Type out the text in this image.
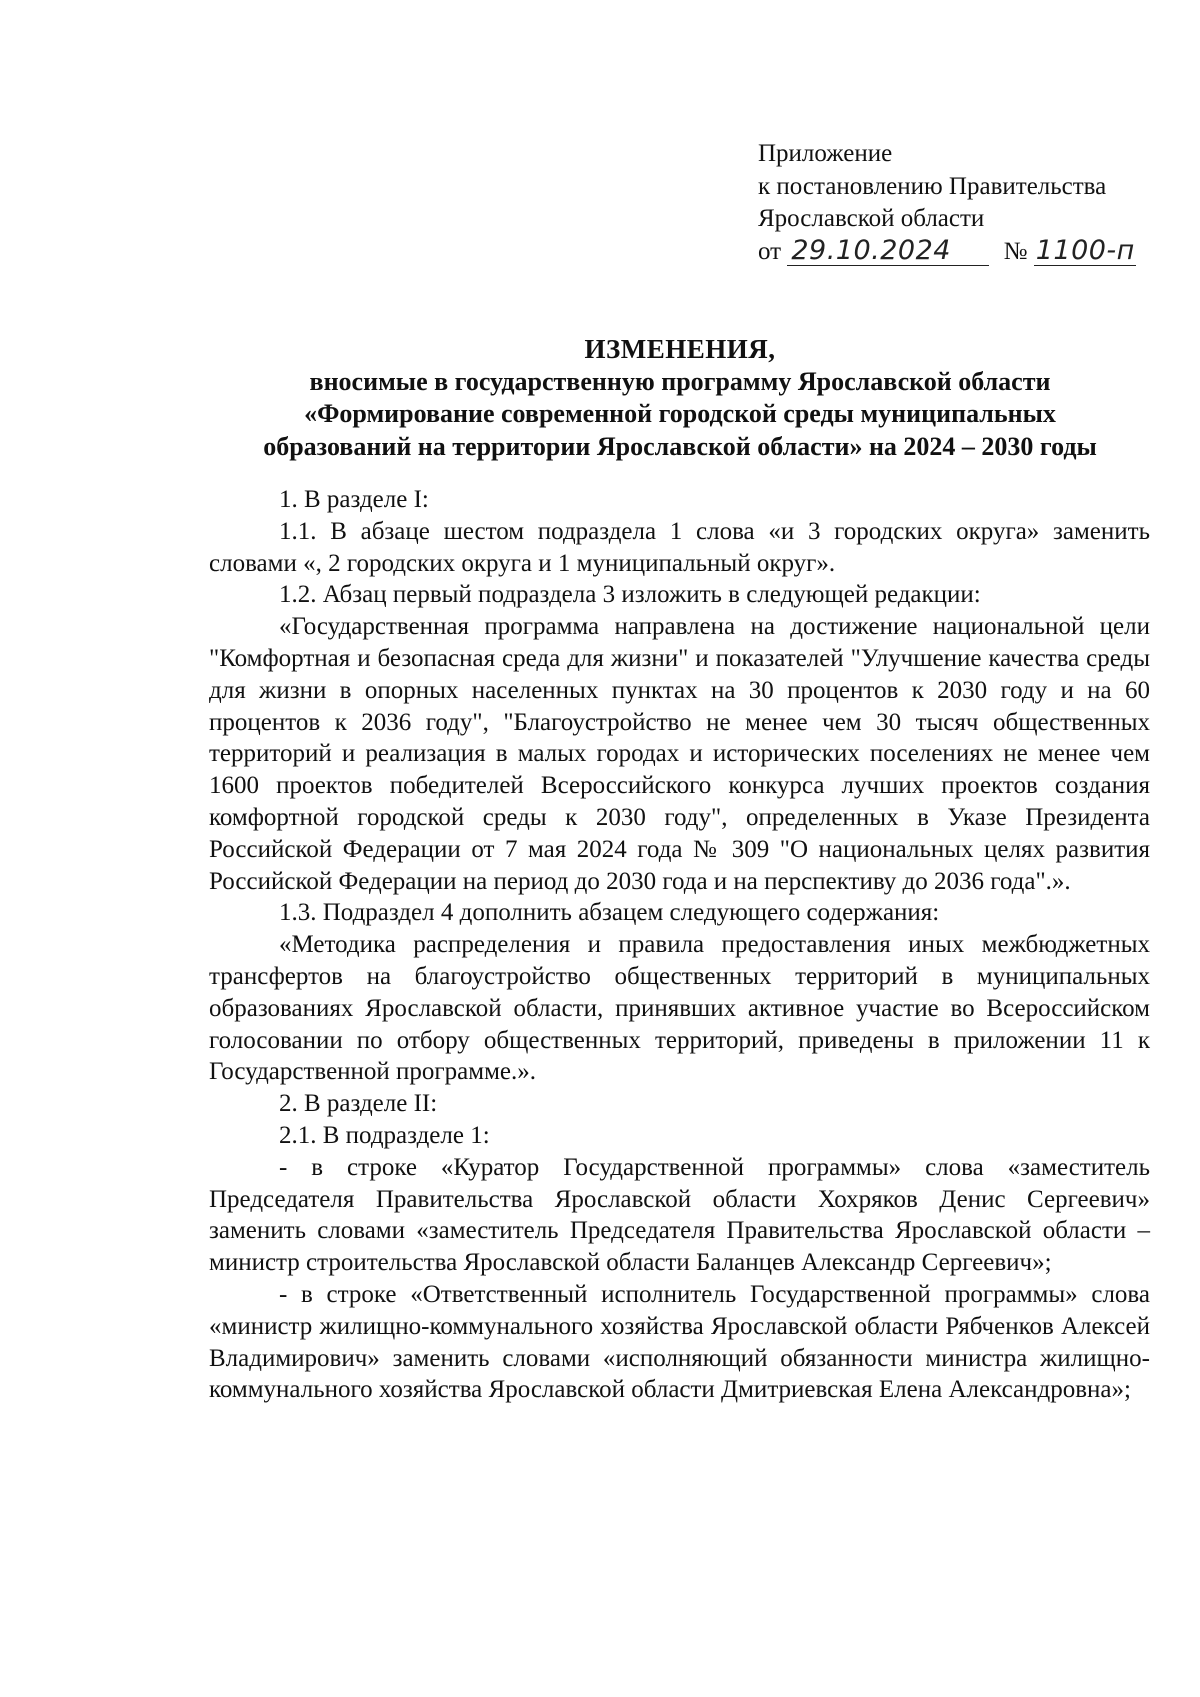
Приложение
к постановлению Правительства
Ярославской области
от 29.10.2024 № 1100-п
ИЗМЕНЕНИЯ,
вносимые в государственную программу Ярославской области
«Формирование современной городской среды муниципальных
образований на территории Ярославской области» на 2024 – 2030 годы

1. В разделе I:

1.1. В абзаце шестом подраздела 1 слова «и 3 городских округа» заменить словами «, 2 городских округа и 1 муниципальный округ».

1.2. Абзац первый подраздела 3 изложить в следующей редакции:

«Государственная программа направлена на достижение национальной цели "Комфортная и безопасная среда для жизни" и показателей "Улучшение качества среды для жизни в опорных населенных пунктах на 30 процентов к 2030 году и на 60 процентов к 2036 году", "Благоустройство не менее чем 30 тысяч общественных территорий и реализация в малых городах и исторических поселениях не менее чем 1600 проектов победителей Всероссийского конкурса лучших проектов создания комфортной городской среды к 2030 году", определенных в Указе Президента Российской Федерации от 7 мая 2024 года № 309 "О национальных целях развития Российской Федерации на период до 2030 года и на перспективу до 2036 года".».

1.3. Подраздел 4 дополнить абзацем следующего содержания:

«Методика распределения и правила предоставления иных межбюджетных трансфертов на благоустройство общественных территорий в муниципальных образованиях Ярославской области, принявших активное участие во Всероссийском голосовании по отбору общественных территорий, приведены в приложении 11 к Государственной программе.».

2. В разделе II:

2.1. В подразделе 1:

- в строке «Куратор Государственной программы» слова «заместитель Председателя Правительства Ярославской области Хохряков Денис Сергеевич» заменить словами «заместитель Председателя Правительства Ярославской области – министр строительства Ярославской области Баланцев Александр Сергеевич»;

- в строке «Ответственный исполнитель Государственной программы» слова «министр жилищно-коммунального хозяйства Ярославской области Рябченков Алексей Владимирович» заменить словами «исполняющий обязанности министра жилищно-коммунального хозяйства Ярославской области Дмитриевская Елена Александровна»;
